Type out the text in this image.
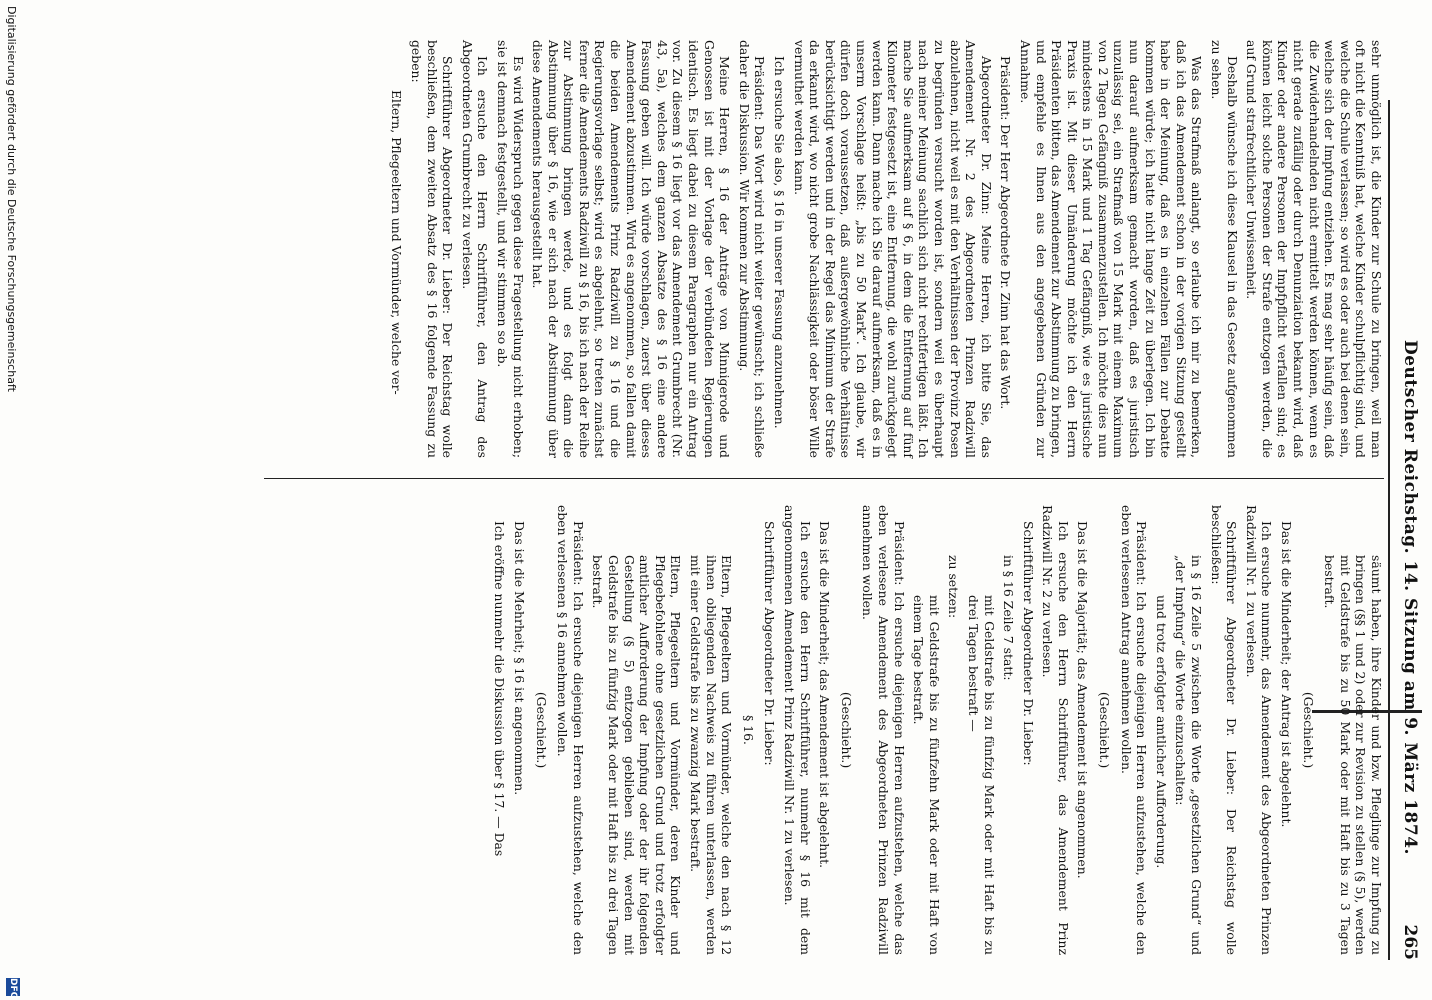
Deutscher Reichstag. 14. Sitzung am 9. März 1874.
265

sehr unmöglich ist, die Kinder zur Schule zu bringen, weil man oft nicht die Kenntniß hat, welche Kinder schulpflichtig sind, und welche die Schule verlassen; so wird es oder auch bei denen sein, welche sich der Impfung entziehen. Es mag sehr häufig sein, daß die Zuwiderhandelnden nicht ermittelt werden können, wenn es nicht gerade zufällig oder durch Denunziation bekannt wird, daß Kinder oder andere Personen der Impfpflicht verfallen sind; es können leicht solche Personen der Strafe entzogen werden, die auf Grund strafrechtlicher Unwissenheit.

Deshalb wünsche ich diese Klausel in das Gesetz aufgenommen zu sehen.

Was das Strafmaß anlangt, so erlaube ich mir zu bemerken, daß ich das Amendement schon in der vorigen Sitzung gestellt habe in der Meinung, daß es in einzelnen Fällen zur Debatte kommen würde; ich hatte nicht lange Zeit zu überlegen. Ich bin nun darauf aufmerksam gemacht worden, daß es juristisch unzulässig sei, ein Strafmaß von 15 Mark mit einem Maximum von 2 Tagen Gefängniß zusammenzustellen. Ich möchte dies nun mindestens in 15 Mark und 1 Tag Gefängniß, wie es juristische Praxis ist. Mit dieser Umänderung möchte ich den Herrn Präsidenten bitten, das Amendement zur Abstimmung zu bringen, und empfehle es Ihnen aus den angegebenen Gründen zur Annahme.

Präsident: Der Herr Abgeordnete Dr. Zinn hat das Wort.

Abgeordneter Dr. Zinn: Meine Herren, ich bitte Sie, das Amendement Nr. 2 des Abgeordneten Prinzen Radziwill abzulehnen, nicht weil es mit den Verhältnissen der Provinz Posen zu begründen versucht worden ist, sondern weil es überhaupt nach meiner Meinung sachlich sich nicht rechtfertigen läßt. Ich mache Sie aufmerksam auf § 6, in dem die Entfernung auf fünf Kilometer festgesetzt ist, eine Entfernung, die wohl zurückgelegt werden kann. Dann mache ich Sie darauf aufmerksam, daß es in unserm Vorschlage heißt: „bis zu 50 Mark“. Ich glaube, wir dürfen doch voraussetzen, daß außergewöhnliche Verhältnisse berücksichtigt werden und in der Regel das Minimum der Strafe da erkannt wird, wo nicht grobe Nachlässigkeit oder böser Wille vermuthet werden kann.

Ich ersuche Sie also, § 16 in unserer Fassung anzunehmen.

Präsident: Das Wort wird nicht weiter gewünscht; ich schließe daher die Diskussion. Wir kommen zur Abstimmung.

Meine Herren, § 16 der Anträge von Minnigerode und Genossen ist mit der Vorlage der verbündeten Regierungen identisch. Es liegt dabei zu diesem Paragraphen nur ein Antrag vor. Zu diesem § 16 liegt vor das Amendement Grumbrecht (Nr. 43, 5a), welches dem ganzen Absatze des § 16 eine andere Fassung geben will. Ich würde vorschlagen, zuerst über dieses Amendement abzustimmen. Wird es angenommen, so fallen damit die beiden Amendements Prinz Radziwill zu § 16 und die Regierungsvorlage selbst; wird es abgelehnt, so treten zunächst ferner die Amendements Radziwill zu § 16, bis ich nach der Reihe zur Abstimmung bringen werde, und es folgt dann die Abstimmung über § 16, wie er sich nach der Abstimmung über diese Amendements herausgestellt hat.

Es wird Widerspruch gegen diese Fragestellung nicht erhoben; sie ist demnach festgestellt, und wir stimmen so ab.

Ich ersuche den Herrn Schriftführer, den Antrag des Abgeordneten Grumbrecht zu verlesen.

Schriftführer Abgeordneter Dr. Lieber: Der Reichstag wolle beschließen, dem zweiten Absatz des § 16 folgende Fassung zu geben:

Eltern, Pflegeeltern und Vormünder, welche ver-

säumt haben, ihre Kinder und bzw. Pfleglinge zur Impfung zu bringen (§§ 1 und 2) oder zur Revision zu stellen (§ 5), werden mit Geldstrafe bis zu 50 Mark oder mit Haft bis zu 3 Tagen bestraft.

(Geschieht.)

Das ist die Minderheit; der Antrag ist abgelehnt.

Ich ersuche nunmehr, das Amendement des Abgeordneten Prinzen Radziwill Nr. 1 zu verlesen.

Schriftführer Abgeordneter Dr. Lieber: Der Reichstag wolle beschließen:

in § 16 Zeile 5 zwischen die Worte „gesetzlichen Grund“ und „der Impfung“ die Worte einzuschalten:

und trotz erfolgter amtlicher Aufforderung.

Präsident: Ich ersuche diejenigen Herren aufzustehen, welche den eben verlesenen Antrag annehmen wollen.

(Geschieht.)

Das ist die Majorität; das Amendement ist angenommen.

Ich ersuche den Herrn Schriftführer, das Amendement Prinz Radziwill Nr. 2 zu verlesen.

Schriftführer Abgeordneter Dr. Lieber:

in § 16 Zeile 7 statt:

mit Geldstrafe bis zu fünfzig Mark oder mit Haft bis zu drei Tagen bestraft —

zu setzen:

mit Geldstrafe bis zu fünfzehn Mark oder mit Haft von einem Tage bestraft.

Präsident: Ich ersuche diejenigen Herren aufzustehen, welche das eben verlesene Amendement des Abgeordneten Prinzen Radziwill annehmen wollen.

(Geschieht.)

Das ist die Minderheit; das Amendement ist abgelehnt.

Ich ersuche den Herrn Schriftführer, nunmehr § 16 mit dem angenommenen Amendement Prinz Radziwill Nr. 1 zu verlesen.

Schriftführer Abgeordneter Dr. Lieber:

§ 16.

Eltern, Pflegeeltern und Vormünder, welche den nach § 12 ihnen obliegenden Nachweis zu führen unterlassen, werden mit einer Geldstrafe bis zu zwanzig Mark bestraft.

Eltern, Pflegeeltern und Vormünder, deren Kinder und Pflegebefohlene ohne gesetzlichen Grund und trotz erfolgter amtlicher Aufforderung der Impfung oder der ihr folgenden Gestellung (§ 5) entzogen geblieben sind, werden mit Geldstrafe bis zu fünfzig Mark oder mit Haft bis zu drei Tagen bestraft.

Präsident: Ich ersuche diejenigen Herren aufzustehen, welche den eben verlesenen § 16 annehmen wollen.

(Geschieht.)

Das ist die Mehrheit; § 16 ist angenommen.

Ich eröffne nunmehr die Diskussion über § 17. — Das

Digitalisierung gefördert durch die Deutsche Forschungsgemeinschaft
DFG
